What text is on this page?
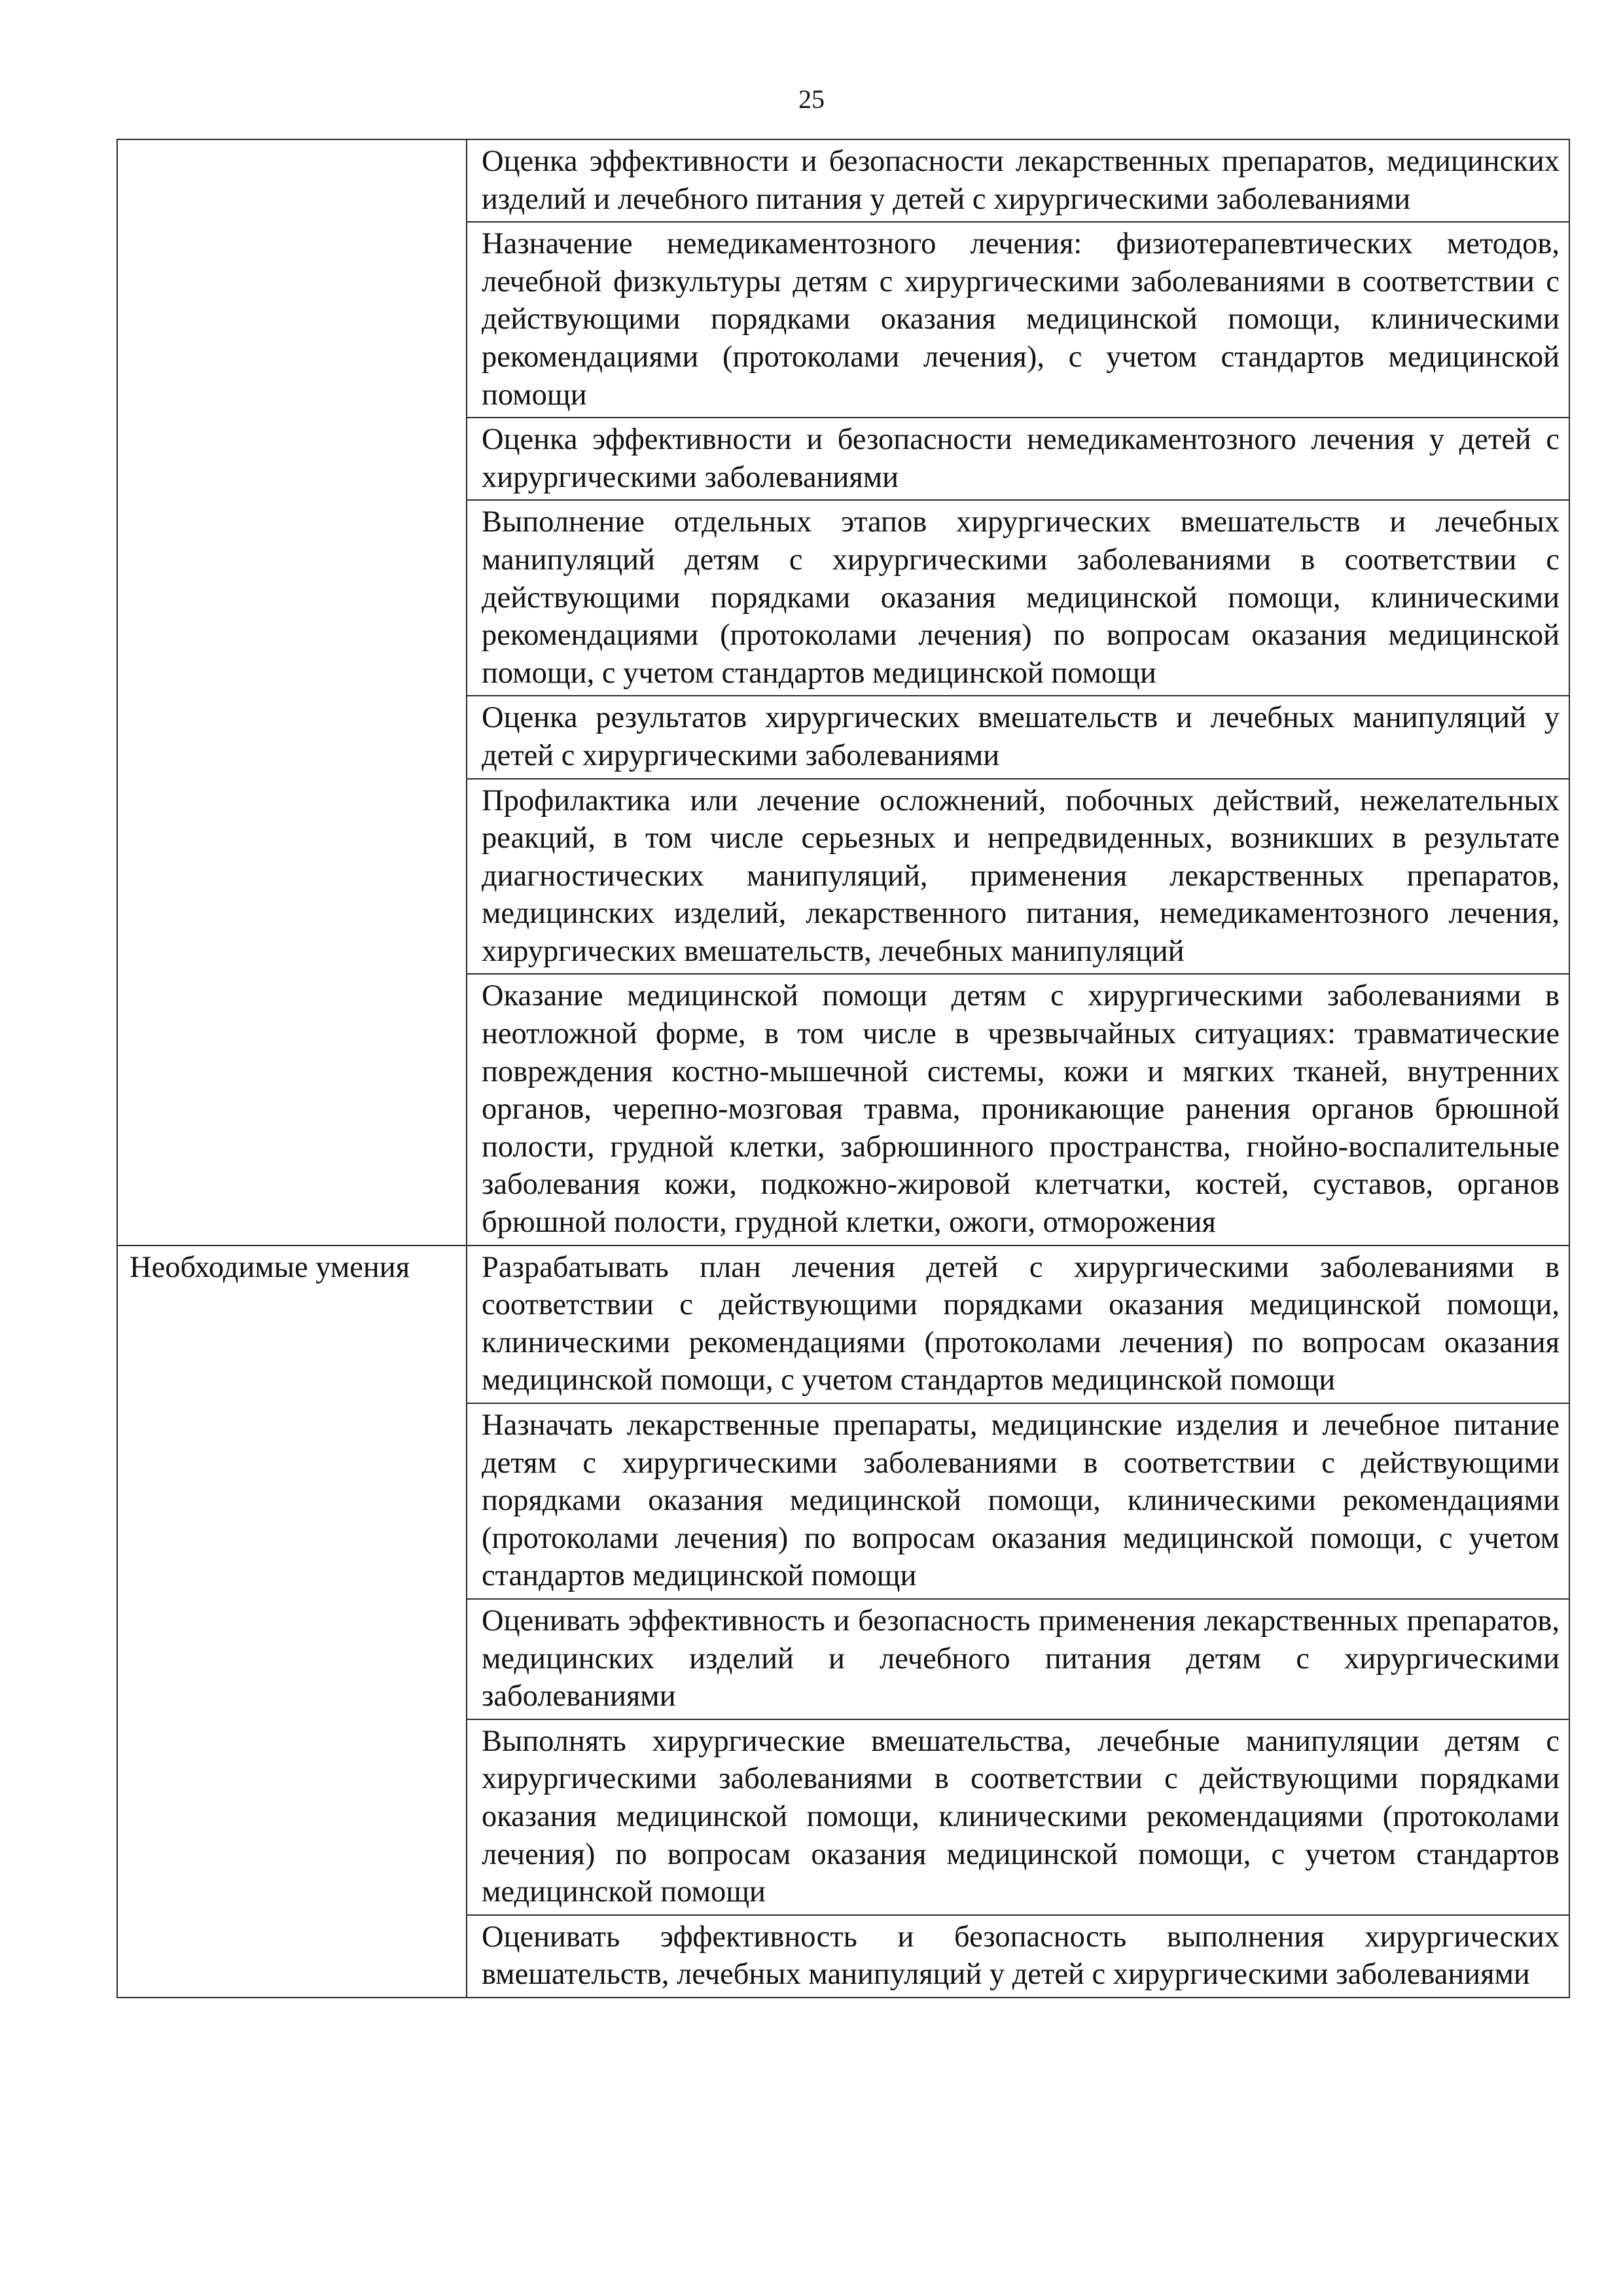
25
	Оценка эффективности и безопасности лекарственных препаратов, медицинских изделий и лечебного питания у детей с хирургическими заболеваниями
	Назначение немедикаментозного лечения: физиотерапевтических методов, лечебной физкультуры детям с хирургическими заболеваниями в соответствии с действующими порядками оказания медицинской помощи, клиническими рекомендациями (протоколами лечения), с учетом стандартов медицинской помощи
	Оценка эффективности и безопасности немедикаментозного лечения у детей с хирургическими заболеваниями
	Выполнение отдельных этапов хирургических вмешательств и лечебных манипуляций детям с хирургическими заболеваниями в соответствии с действующими порядками оказания медицинской помощи, клиническими рекомендациями (протоколами лечения) по вопросам оказания медицинской помощи, с учетом стандартов медицинской помощи
	Оценка результатов хирургических вмешательств и лечебных манипуляций у детей с хирургическими заболеваниями
	Профилактика или лечение осложнений, побочных действий, нежелательных реакций, в том числе серьезных и непредвиденных, возникших в результате диагностических манипуляций, применения лекарственных препаратов, медицинских изделий, лекарственного питания, немедикаментозного лечения, хирургических вмешательств, лечебных манипуляций
	Оказание медицинской помощи детям с хирургическими заболеваниями в неотложной форме, в том числе в чрезвычайных ситуациях: травматические повреждения костно-мышечной системы, кожи и мягких тканей, внутренних органов, черепно-мозговая травма, проникающие ранения органов брюшной полости, грудной клетки, забрюшинного пространства, гнойно-воспалительные заболевания кожи, подкожно-жировой клетчатки, костей, суставов, органов брюшной полости, грудной клетки, ожоги, отморожения
Необходимые умения	Разрабатывать план лечения детей с хирургическими заболеваниями в соответствии с действующими порядками оказания медицинской помощи, клиническими рекомендациями (протоколами лечения) по вопросам оказания медицинской помощи, с учетом стандартов медицинской помощи
	Назначать лекарственные препараты, медицинские изделия и лечебное питание детям с хирургическими заболеваниями в соответствии с действующими порядками оказания медицинской помощи, клиническими рекомендациями (протоколами лечения) по вопросам оказания медицинской помощи, с учетом стандартов медицинской помощи
	Оценивать эффективность и безопасность применения лекарственных препаратов, медицинских изделий и лечебного питания детям с хирургическими заболеваниями
	Выполнять хирургические вмешательства, лечебные манипуляции детям с хирургическими заболеваниями в соответствии с действующими порядками оказания медицинской помощи, клиническими рекомендациями (протоколами лечения) по вопросам оказания медицинской помощи, с учетом стандартов медицинской помощи
	Оценивать эффективность и безопасность выполнения хирургических вмешательств, лечебных манипуляций у детей с хирургическими заболеваниями
